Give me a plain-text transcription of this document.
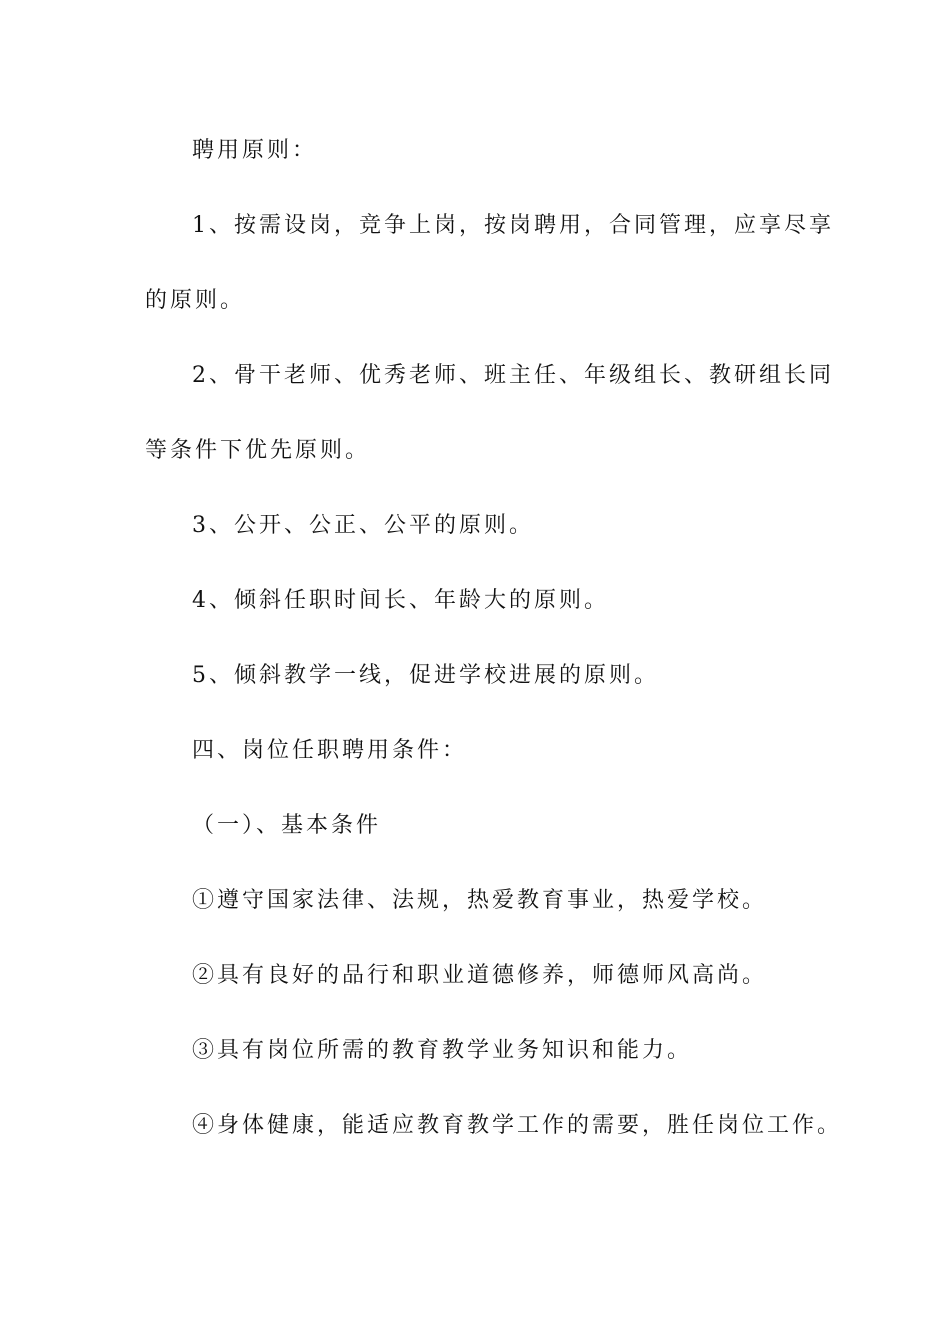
聘用原则：
1、按需设岗，竞争上岗，按岗聘用，合同管理，应享尽享
的原则。
2、骨干老师、优秀老师、班主任、年级组长、教研组长同
等条件下优先原则。
3、公开、公正、公平的原则。
4、倾斜任职时间长、年龄大的原则。
5、倾斜教学一线，促进学校进展的原则。
四、岗位任职聘用条件：
（一）、基本条件
①遵守国家法律、法规，热爱教育事业，热爱学校。
②具有良好的品行和职业道德修养，师德师风高尚。
③具有岗位所需的教育教学业务知识和能力。
④身体健康，能适应教育教学工作的需要，胜任岗位工作。
